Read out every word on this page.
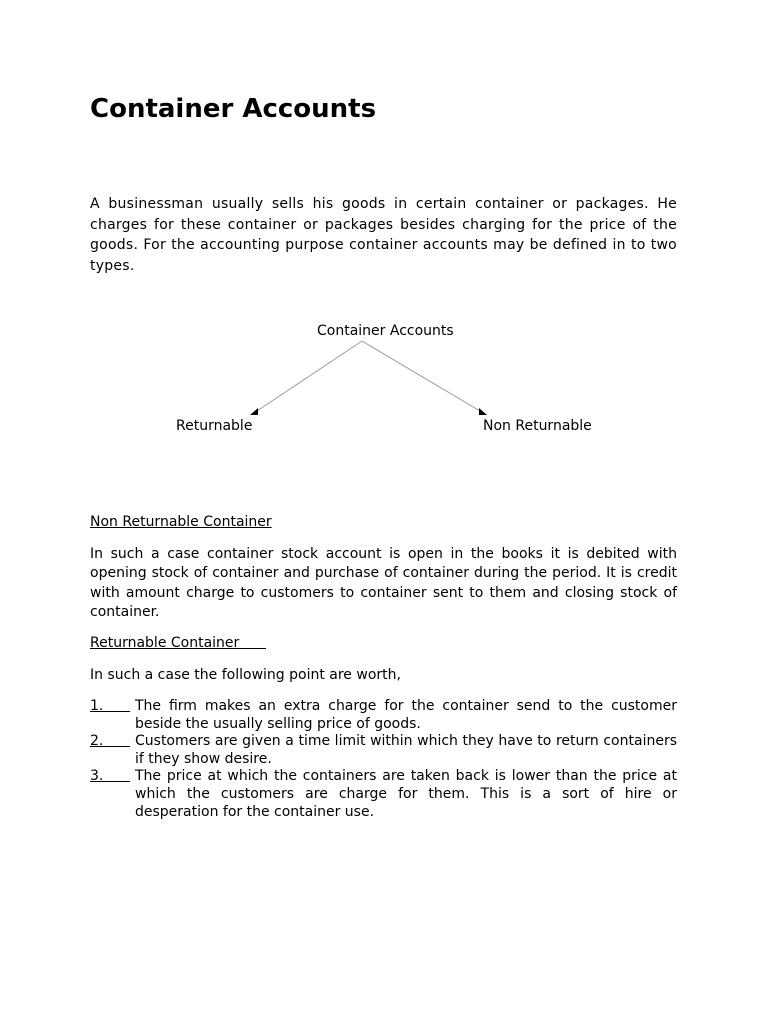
Container Accounts

A businessman usually sells his goods in certain container or packages. He charges for these container or packages besides charging for the price of the goods. For the accounting purpose container accounts may be defined in to two types.

Container Accounts
Returnable	Non Returnable

Non Returnable Container

In such a case container stock account is open in the books it is debited with opening stock of container and purchase of container during the period. It is credit with amount charge to customers to container sent to them and closing stock of container.

Returnable Container

In such a case the following point are worth,

1. The firm makes an extra charge for the container send to the customer beside the usually selling price of goods.
2. Customers are given a time limit within which they have to return containers if they show desire.
3. The price at which the containers are taken back is lower than the price at which the customers are charge for them. This is a sort of hire or desperation for the container use.
